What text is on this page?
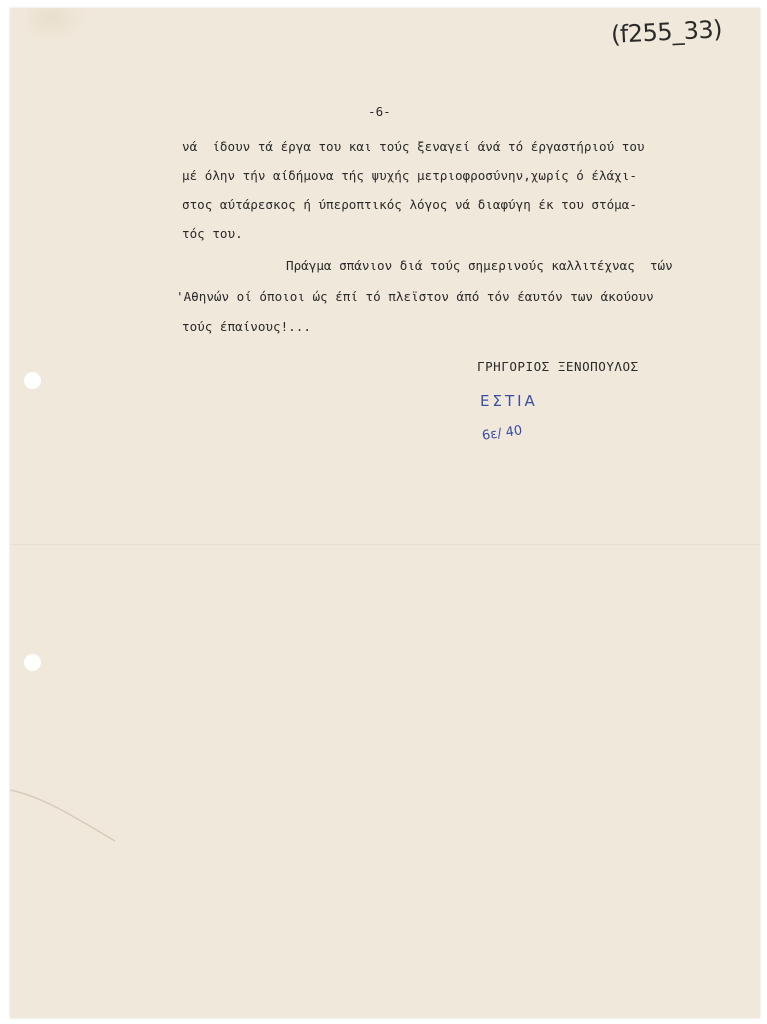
(f255_33)
-6-
νά  ίδουν τά έργα του και τούς ξεναγεί άνά τό έργαστήριού του
μέ όλην τήν αίδήμονα τής ψυχής μετριοφροσύνην,χωρίς ό έλάχι-
στος αύτάρεσκος ή ύπεροπτικός λόγος νά διαφύγη έκ του στόμα-
τός του.
Πράγμα σπάνιον διά τούς σημερινούς καλλιτέχνας  τών
'Αθηνών οί όποιοι ώς έπί τό πλεϊστον άπό τόν έαυτόν των άκούουν
τούς έπαίνους!...
ΓΡΗΓΟΡΙΟΣ ΞΕΝΟΠΟΥΛΟΣ
ΕΣΤΙΑ
6ε/ 40
